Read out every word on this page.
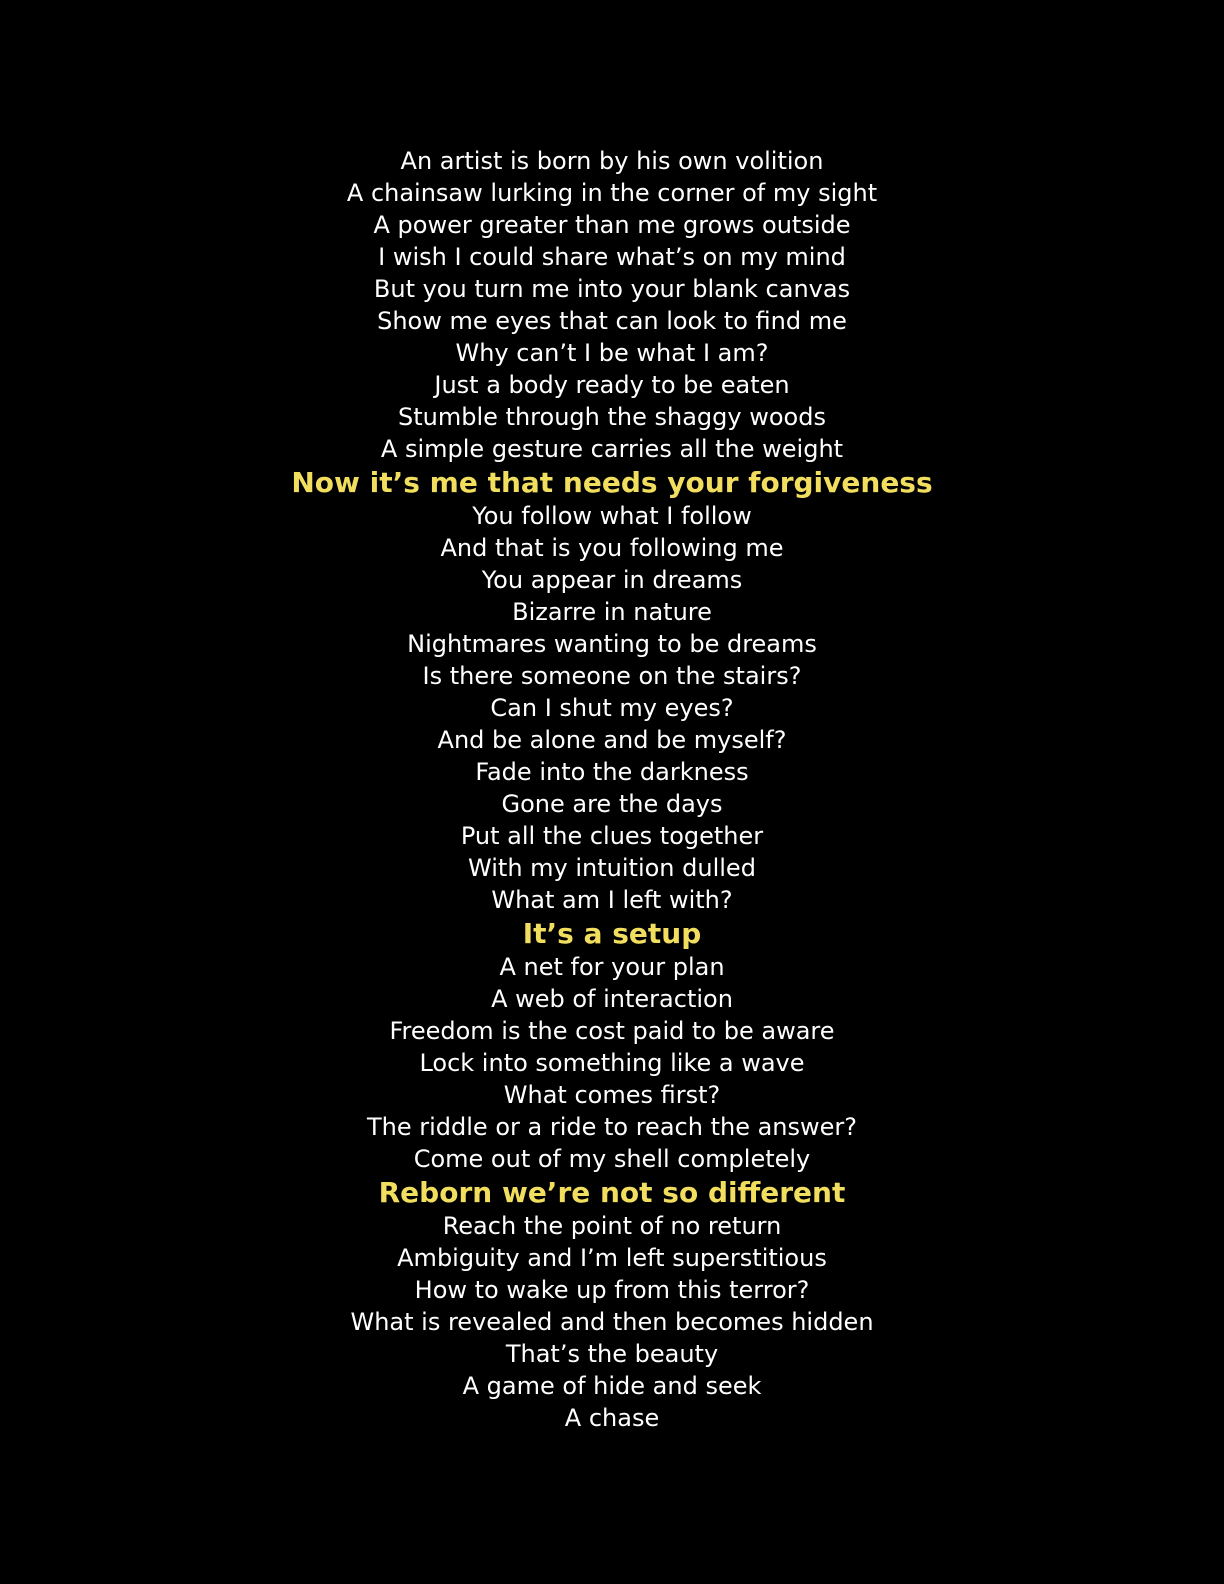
An artist is born by his own volition
A chainsaw lurking in the corner of my sight
A power greater than me grows outside
I wish I could share what’s on my mind
But you turn me into your blank canvas
Show me eyes that can look to find me
Why can’t I be what I am?
Just a body ready to be eaten
Stumble through the shaggy woods
A simple gesture carries all the weight
Now it’s me that needs your forgiveness
You follow what I follow
And that is you following me
You appear in dreams
Bizarre in nature
Nightmares wanting to be dreams
Is there someone on the stairs?
Can I shut my eyes?
And be alone and be myself?
Fade into the darkness
Gone are the days
Put all the clues together
With my intuition dulled
What am I left with?
It’s a setup
A net for your plan
A web of interaction
Freedom is the cost paid to be aware
Lock into something like a wave
What comes first?
The riddle or a ride to reach the answer?
Come out of my shell completely
Reborn we’re not so different
Reach the point of no return
Ambiguity and I’m left superstitious
How to wake up from this terror?
What is revealed and then becomes hidden
That’s the beauty
A game of hide and seek
A chase
